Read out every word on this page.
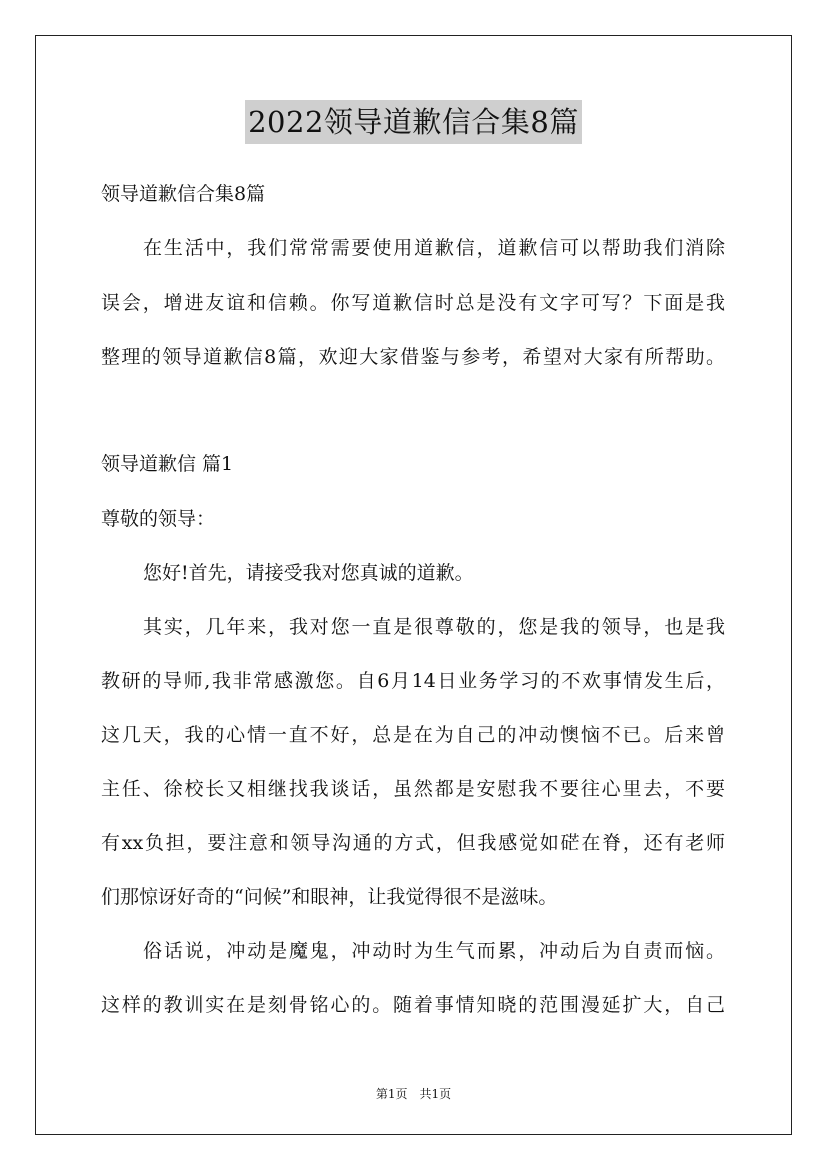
2022领导道歉信合集8篇
领导道歉信合集8篇
在生活中，我们常常需要使用道歉信，道歉信可以帮助我们消除
误会，增进友谊和信赖。你写道歉信时总是没有文字可写？下面是我
整理的领导道歉信8篇，欢迎大家借鉴与参考，希望对大家有所帮助。
领导道歉信 篇1
尊敬的领导：
您好!首先，请接受我对您真诚的道歉。
其实，几年来，我对您一直是很尊敬的，您是我的领导，也是我
教研的导师,我非常感激您。自6月14日业务学习的不欢事情发生后，
这几天，我的心情一直不好，总是在为自己的冲动懊恼不已。后来曾
主任、徐校长又相继找我谈话，虽然都是安慰我不要往心里去，不要
有xx负担，要注意和领导沟通的方式，但我感觉如硭在脊，还有老师
们那惊讶好奇的“问候”和眼神，让我觉得很不是滋味。
俗话说，冲动是魔鬼，冲动时为生气而累，冲动后为自责而恼。
这样的教训实在是刻骨铭心的。随着事情知晓的范围漫延扩大，自己
第1页　共1页
